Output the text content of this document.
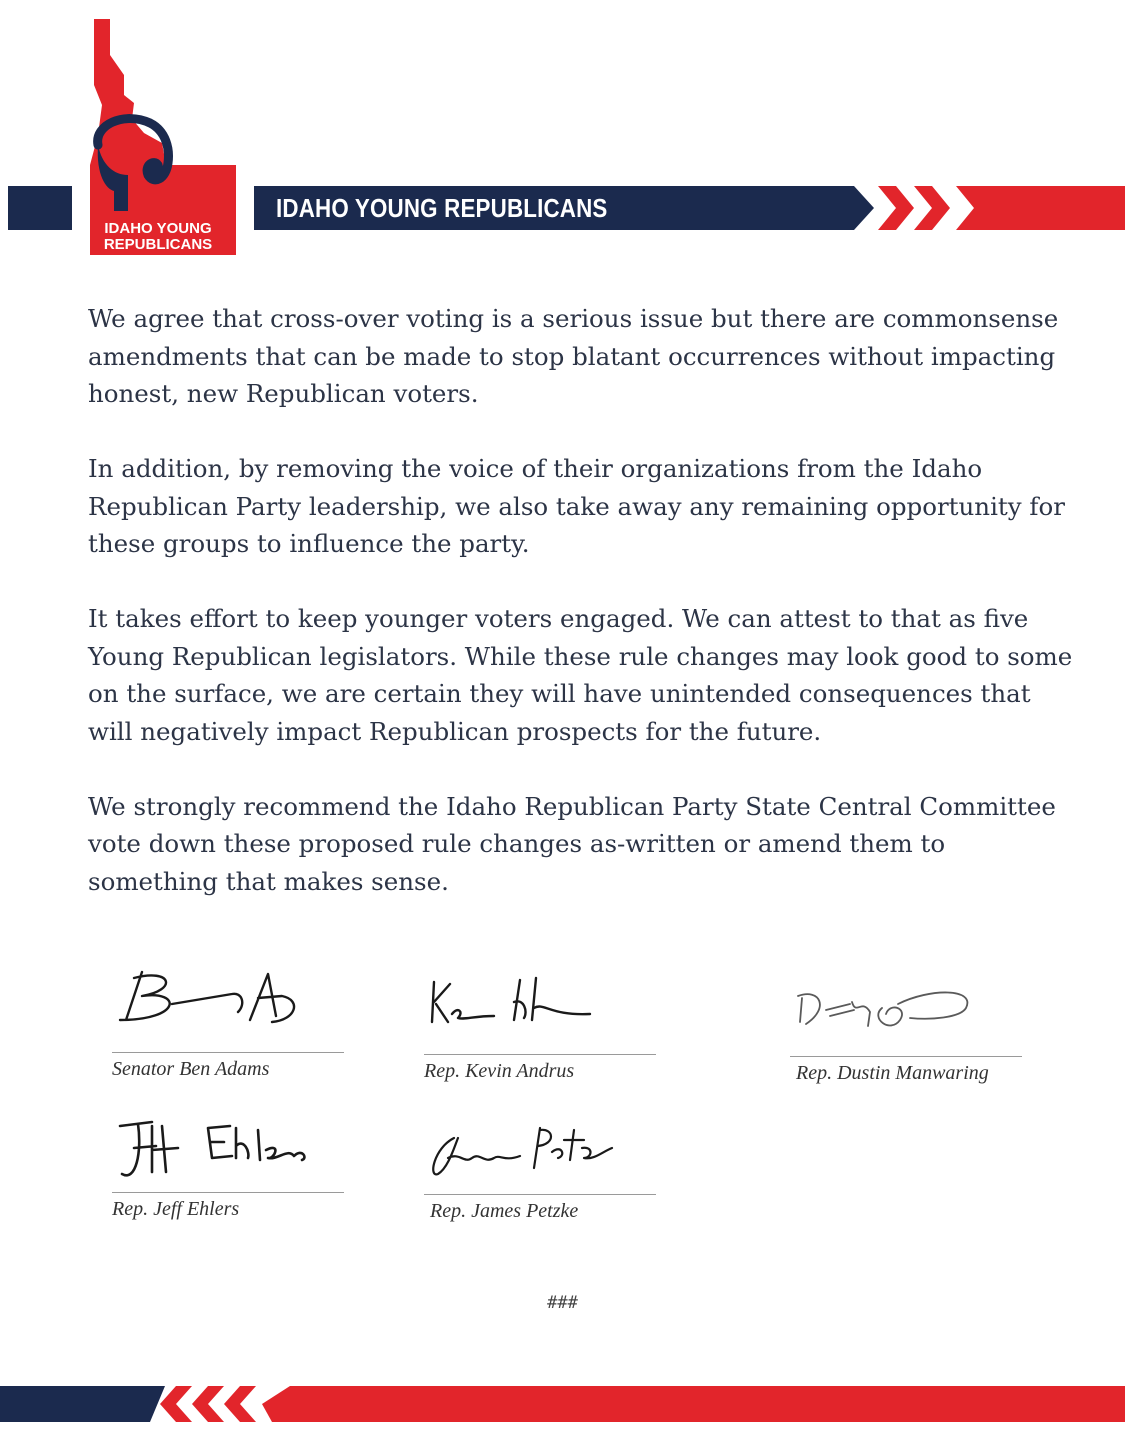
IDAHO YOUNG
REPUBLICANS
IDAHO YOUNG REPUBLICANS

We agree that cross-over voting is a serious issue but there are commonsense amendments that can be made to stop blatant occurrences without impacting honest, new Republican voters.

In addition, by removing the voice of their organizations from the Idaho Republican Party leadership, we also take away any remaining opportunity for these groups to influence the party.

It takes effort to keep younger voters engaged. We can attest to that as five Young Republican legislators. While these rule changes may look good to some on the surface, we are certain they will have unintended consequences that will negatively impact Republican prospects for the future.

We strongly recommend the Idaho Republican Party State Central Committee vote down these proposed rule changes as-written or amend them to something that makes sense.

Senator Ben Adams	Rep. Kevin Andrus	Rep. Dustin Manwaring
Rep. Jeff Ehlers	Rep. James Petzke
###
